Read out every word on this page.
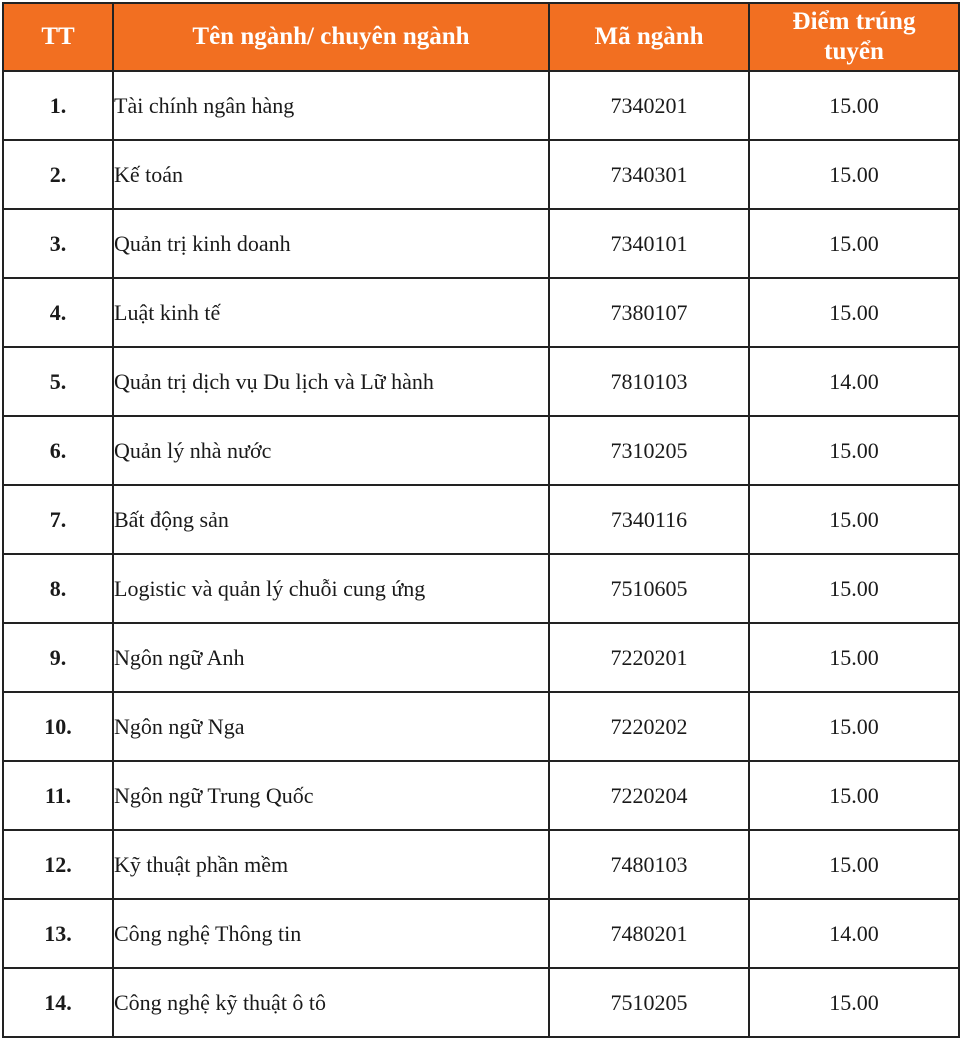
TT	Tên ngành/ chuyên ngành	Mã ngành	Điểm trúng
tuyển
1.	Tài chính ngân hàng	7340201	15.00
2.	Kế toán	7340301	15.00
3.	Quản trị kinh doanh	7340101	15.00
4.	Luật kinh tế	7380107	15.00
5.	Quản trị dịch vụ Du lịch và Lữ hành	7810103	14.00
6.	Quản lý nhà nước	7310205	15.00
7.	Bất động sản	7340116	15.00
8.	Logistic và quản lý chuỗi cung ứng	7510605	15.00
9.	Ngôn ngữ Anh	7220201	15.00
10.	Ngôn ngữ Nga	7220202	15.00
11.	Ngôn ngữ Trung Quốc	7220204	15.00
12.	Kỹ thuật phần mềm	7480103	15.00
13.	Công nghệ Thông tin	7480201	14.00
14.	Công nghệ kỹ thuật ô tô	7510205	15.00
